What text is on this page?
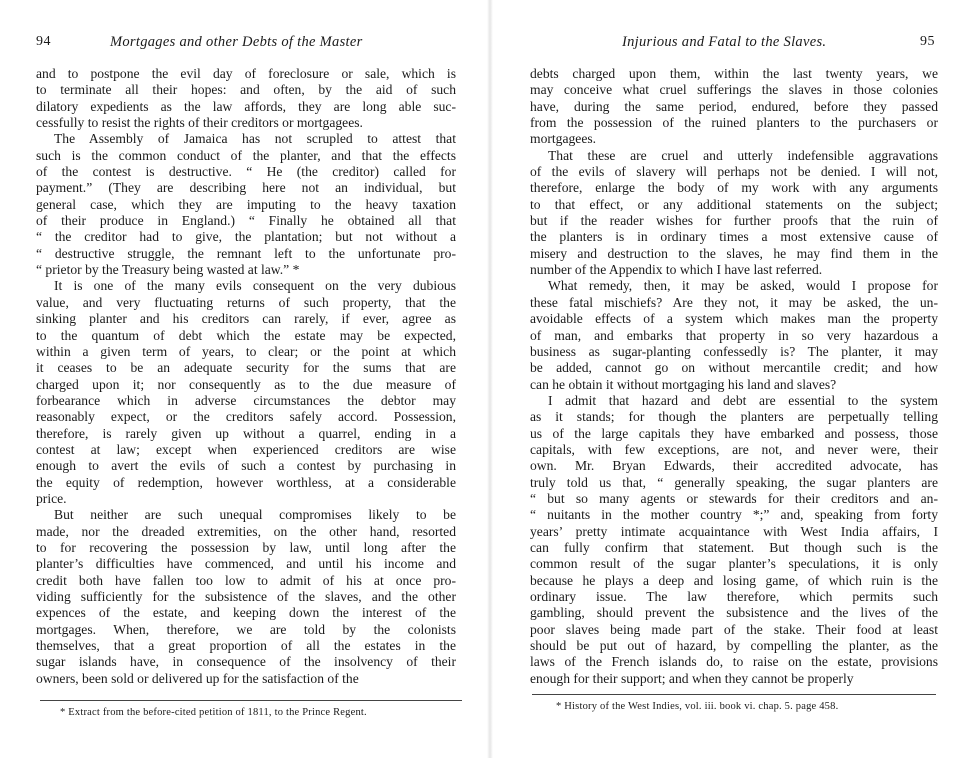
94	Mortgages and other Debts of the Master
and to postpone the evil day of foreclosure or sale, which is
to terminate all their hopes: and often, by the aid of such
dilatory expedients as the law affords, they are long able suc-
cessfully to resist the rights of their creditors or mortgagees.
The Assembly of Jamaica has not scrupled to attest that
such is the common conduct of the planter, and that the effects
of the contest is destructive. “ He (the creditor) called for
payment.” (They are describing here not an individual, but
general case, which they are imputing to the heavy taxation
of their produce in England.) “ Finally he obtained all that
“ the creditor had to give, the plantation; but not without a
“ destructive struggle, the remnant left to the unfortunate pro-
“ prietor by the Treasury being wasted at law.” *
It is one of the many evils consequent on the very dubious
value, and very fluctuating returns of such property, that the
sinking planter and his creditors can rarely, if ever, agree as
to the quantum of debt which the estate may be expected,
within a given term of years, to clear; or the point at which
it ceases to be an adequate security for the sums that are
charged upon it; nor consequently as to the due measure of
forbearance which in adverse circumstances the debtor may
reasonably expect, or the creditors safely accord. Possession,
therefore, is rarely given up without a quarrel, ending in a
contest at law; except when experienced creditors are wise
enough to avert the evils of such a contest by purchasing in
the equity of redemption, however worthless, at a considerable
price.
But neither are such unequal compromises likely to be
made, nor the dreaded extremities, on the other hand, resorted
to for recovering the possession by law, until long after the
planter’s difficulties have commenced, and until his income and
credit both have fallen too low to admit of his at once pro-
viding sufficiently for the subsistence of the slaves, and the other
expences of the estate, and keeping down the interest of the
mortgages. When, therefore, we are told by the colonists
themselves, that a great proportion of all the estates in the
sugar islands have, in consequence of the insolvency of their
owners, been sold or delivered up for the satisfaction of the
* Extract from the before-cited petition of 1811, to the Prince Regent.
Injurious and Fatal to the Slaves.	95
debts charged upon them, within the last twenty years, we
may conceive what cruel sufferings the slaves in those colonies
have, during the same period, endured, before they passed
from the possession of the ruined planters to the purchasers or
mortgagees.
That these are cruel and utterly indefensible aggravations
of the evils of slavery will perhaps not be denied. I will not,
therefore, enlarge the body of my work with any arguments
to that effect, or any additional statements on the subject;
but if the reader wishes for further proofs that the ruin of
the planters is in ordinary times a most extensive cause of
misery and destruction to the slaves, he may find them in the
number of the Appendix to which I have last referred.
What remedy, then, it may be asked, would I propose for
these fatal mischiefs? Are they not, it may be asked, the un-
avoidable effects of a system which makes man the property
of man, and embarks that property in so very hazardous a
business as sugar-planting confessedly is? The planter, it may
be added, cannot go on without mercantile credit; and how
can he obtain it without mortgaging his land and slaves?
I admit that hazard and debt are essential to the system
as it stands; for though the planters are perpetually telling
us of the large capitals they have embarked and possess, those
capitals, with few exceptions, are not, and never were, their
own. Mr. Bryan Edwards, their accredited advocate, has
truly told us that, “ generally speaking, the sugar planters are
“ but so many agents or stewards for their creditors and an-
“ nuitants in the mother country *;” and, speaking from forty
years’ pretty intimate acquaintance with West India affairs, I
can fully confirm that statement. But though such is the
common result of the sugar planter’s speculations, it is only
because he plays a deep and losing game, of which ruin is the
ordinary issue. The law therefore, which permits such
gambling, should prevent the subsistence and the lives of the
poor slaves being made part of the stake. Their food at least
should be put out of hazard, by compelling the planter, as the
laws of the French islands do, to raise on the estate, provisions
enough for their support; and when they cannot be properly
* History of the West Indies, vol. iii. book vi. chap. 5. page 458.
